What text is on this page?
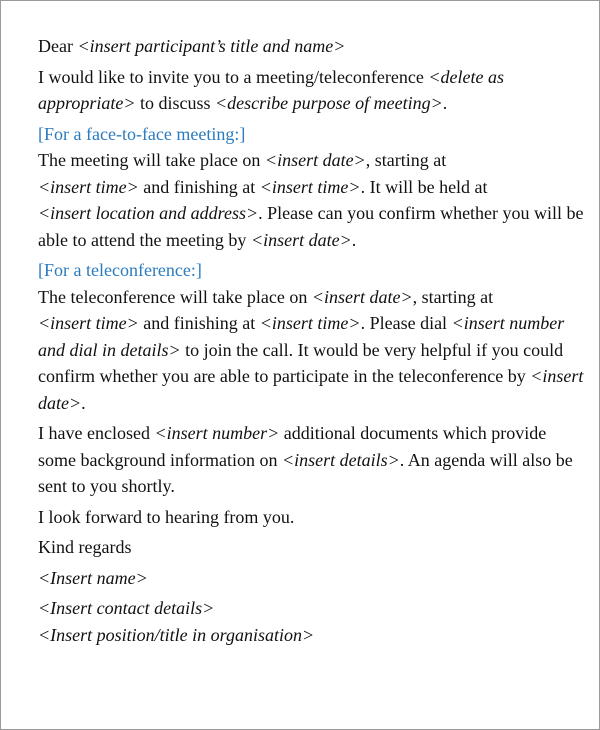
Dear <insert participant’s title and name>

I would like to invite you to a meeting/teleconference <delete as appropriate> to discuss <describe purpose of meeting>.

[For a face-to-face meeting:]

The meeting will take place on <insert date>, starting at
<insert time> and finishing at <insert time>. It will be held at
<insert location and address>. Please can you confirm whether you will be able to attend the meeting by <insert date>.

[For a teleconference:]

The teleconference will take place on <insert date>, starting at
<insert time> and finishing at <insert time>. Please dial <insert number and dial in details> to join the call. It would be very helpful if you could confirm whether you are able to participate in the teleconference by <insert date>.

I have enclosed <insert number> additional documents which provide some background information on <insert details>. An agenda will also be sent to you shortly.

I look forward to hearing from you.

Kind regards

<Insert name>

<Insert contact details>

<Insert position/title in organisation>
